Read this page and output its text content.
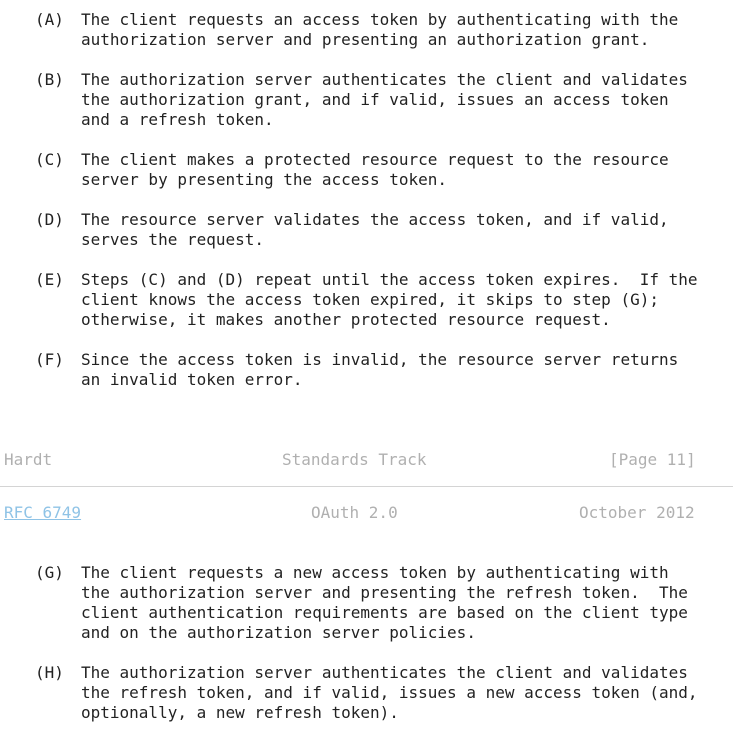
(A) The client requests an access token by authenticating with the
authorization server and presenting an authorization grant.
(B) The authorization server authenticates the client and validates
the authorization grant, and if valid, issues an access token
and a refresh token.
(C) The client makes a protected resource request to the resource
server by presenting the access token.
(D) The resource server validates the access token, and if valid,
serves the request.
(E) Steps (C) and (D) repeat until the access token expires.  If the
client knows the access token expired, it skips to step (G);
otherwise, it makes another protected resource request.
(F) Since the access token is invalid, the resource server returns
an invalid token error.
Hardt	Standards Track	[Page 11]
RFC 6749	OAuth 2.0	October 2012
(G) The client requests a new access token by authenticating with
the authorization server and presenting the refresh token.  The
client authentication requirements are based on the client type
and on the authorization server policies.
(H) The authorization server authenticates the client and validates
the refresh token, and if valid, issues a new access token (and,
optionally, a new refresh token).
